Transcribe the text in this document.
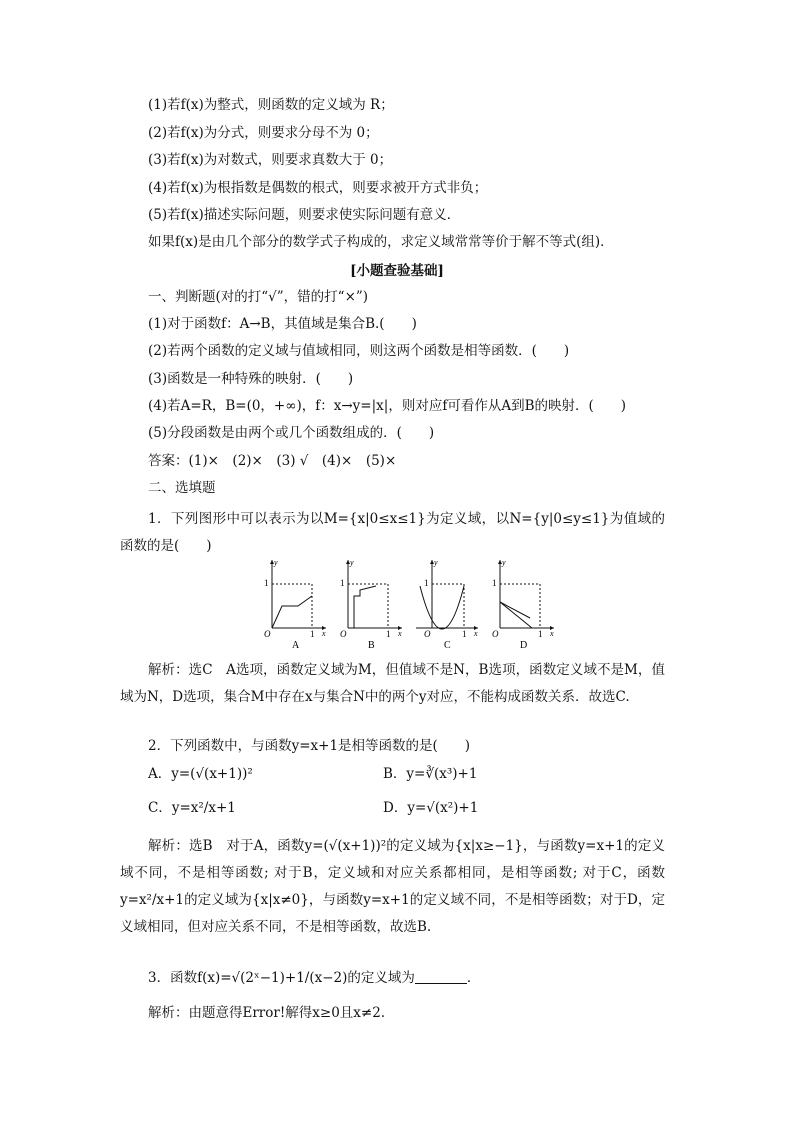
(1)若f(x)为整式，则函数的定义域为 R；
(2)若f(x)为分式，则要求分母不为 0；
(3)若f(x)为对数式，则要求真数大于 0；
(4)若f(x)为根指数是偶数的根式，则要求被开方式非负；
(5)若f(x)描述实际问题，则要求使实际问题有意义．
如果f(x)是由几个部分的数学式子构成的，求定义域常常等价于解不等式(组)．
[小题查验基础]
一、判断题(对的打“√”，错的打“×”)
(1)对于函数f：A→B，其值域是集合B.(　　)
(2)若两个函数的定义域与值域相同，则这两个函数是相等函数．(　　)
(3)函数是一种特殊的映射．(　　)
(4)若A=R，B=(0，+∞)，f：x→y=|x|，则对应f可看作从A到B的映射．(　　)
(5)分段函数是由两个或几个函数组成的．(　　)
答案：(1)×　(2)×　(3) √　(4)×　(5)×
二、选填题
1．下列图形中可以表示为以M={x|0≤x≤1}为定义域，以N={y|0≤y≤1}为值域的函数的是(　　)
y
1
O	1 x
A
y
1
O	1 x
B
y
1
O	1 x
C
y
1
O	1 x
D
解析：选C　A选项，函数定义域为M，但值域不是N，B选项，函数定义域不是M，值域为N，D选项，集合M中存在x与集合N中的两个y对应，不能构成函数关系．故选C.
2．下列函数中，与函数y=x+1是相等函数的是(　　)
A．y=(√(x+1))²	B．y=∛(x³)+1
C．y=x²/x+1	D．y=√(x²)+1
解析：选B　对于A，函数y=(√(x+1))²的定义域为{x|x≥−1}，与函数y=x+1的定义域不同，不是相等函数; 对于B，定义域和对应关系都相同，是相等函数; 对于C，函数y=x²/x+1的定义域为{x|x≠0}，与函数y=x+1的定义域不同，不是相等函数；对于D，定义域相同，但对应关系不同，不是相等函数，故选B.
3．函数f(x)=√(2ˣ−1)+1/(x−2)的定义域为	．
解析：由题意得Error!解得x≥0且x≠2.
